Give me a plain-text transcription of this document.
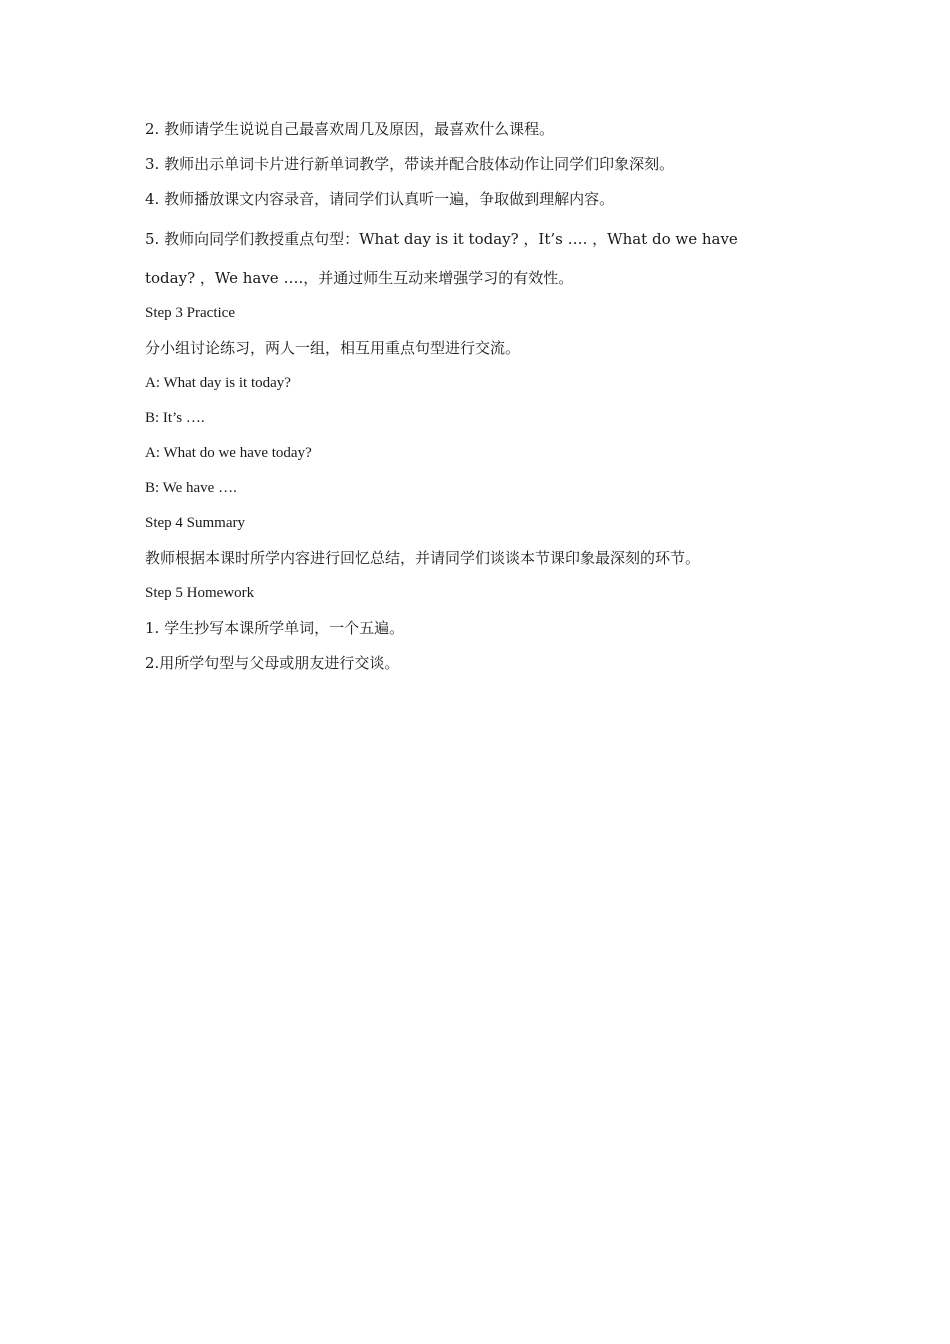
2. 教师请学生说说自己最喜欢周几及原因，最喜欢什么课程。
3. 教师出示单词卡片进行新单词教学，带读并配合肢体动作让同学们印象深刻。
4. 教师播放课文内容录音，请同学们认真听一遍，争取做到理解内容。
5. 教师向同学们教授重点句型：What day is it today? ，It’s …. ，What do we have
today? ，We have ….，并通过师生互动来增强学习的有效性。
Step 3 Practice
分小组讨论练习，两人一组，相互用重点句型进行交流。
A: What day is it today?
B: It’s ….
A: What do we have today?
B: We have ….
Step 4 Summary
教师根据本课时所学内容进行回忆总结，并请同学们谈谈本节课印象最深刻的环节。
Step 5 Homework
1. 学生抄写本课所学单词，一个五遍。
2.用所学句型与父母或朋友进行交谈。
